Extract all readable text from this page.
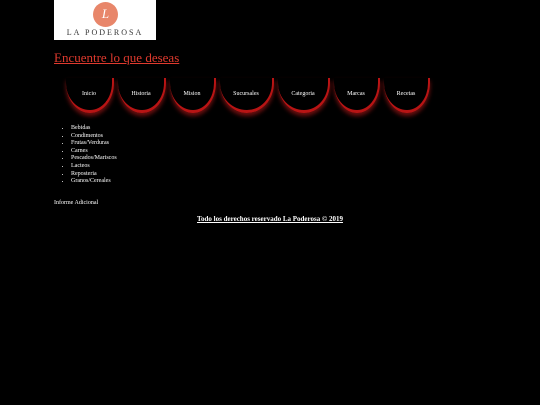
L
LA PODEROSA
Encuentre lo que deseas
Inicio	Historia	Mision	Sucursales	Categoria	Marcas	Recetas
• Bebidas
• Condimentos
• Frutas/Verduras
• Carnes
• Pescados/Mariscos
• Lacteos
• Reposteria
• Granos/Cereales
Informe Adicional
Todo los derechos reservado La Poderosa © 2019
